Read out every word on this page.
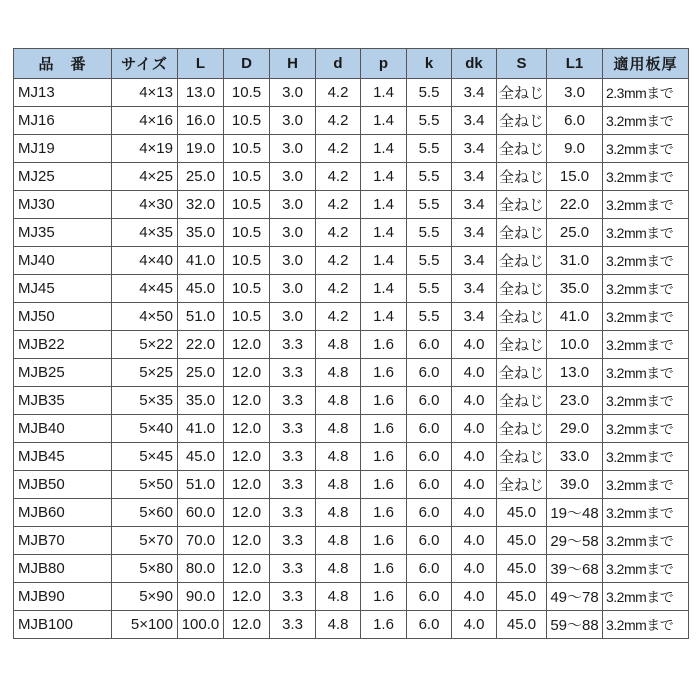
品　番	サイズ	L	D	H	d	p	k	dk	S	L1	適用板厚
MJ13	4×13	13.0	10.5	3.0	4.2	1.4	5.5	3.4	全ねじ	3.0	2.3mmまで
MJ16	4×16	16.0	10.5	3.0	4.2	1.4	5.5	3.4	全ねじ	6.0	3.2mmまで
MJ19	4×19	19.0	10.5	3.0	4.2	1.4	5.5	3.4	全ねじ	9.0	3.2mmまで
MJ25	4×25	25.0	10.5	3.0	4.2	1.4	5.5	3.4	全ねじ	15.0	3.2mmまで
MJ30	4×30	32.0	10.5	3.0	4.2	1.4	5.5	3.4	全ねじ	22.0	3.2mmまで
MJ35	4×35	35.0	10.5	3.0	4.2	1.4	5.5	3.4	全ねじ	25.0	3.2mmまで
MJ40	4×40	41.0	10.5	3.0	4.2	1.4	5.5	3.4	全ねじ	31.0	3.2mmまで
MJ45	4×45	45.0	10.5	3.0	4.2	1.4	5.5	3.4	全ねじ	35.0	3.2mmまで
MJ50	4×50	51.0	10.5	3.0	4.2	1.4	5.5	3.4	全ねじ	41.0	3.2mmまで
MJB22	5×22	22.0	12.0	3.3	4.8	1.6	6.0	4.0	全ねじ	10.0	3.2mmまで
MJB25	5×25	25.0	12.0	3.3	4.8	1.6	6.0	4.0	全ねじ	13.0	3.2mmまで
MJB35	5×35	35.0	12.0	3.3	4.8	1.6	6.0	4.0	全ねじ	23.0	3.2mmまで
MJB40	5×40	41.0	12.0	3.3	4.8	1.6	6.0	4.0	全ねじ	29.0	3.2mmまで
MJB45	5×45	45.0	12.0	3.3	4.8	1.6	6.0	4.0	全ねじ	33.0	3.2mmまで
MJB50	5×50	51.0	12.0	3.3	4.8	1.6	6.0	4.0	全ねじ	39.0	3.2mmまで
MJB60	5×60	60.0	12.0	3.3	4.8	1.6	6.0	4.0	45.0	19～48	3.2mmまで
MJB70	5×70	70.0	12.0	3.3	4.8	1.6	6.0	4.0	45.0	29～58	3.2mmまで
MJB80	5×80	80.0	12.0	3.3	4.8	1.6	6.0	4.0	45.0	39～68	3.2mmまで
MJB90	5×90	90.0	12.0	3.3	4.8	1.6	6.0	4.0	45.0	49～78	3.2mmまで
MJB100	5×100	100.0	12.0	3.3	4.8	1.6	6.0	4.0	45.0	59～88	3.2mmまで
